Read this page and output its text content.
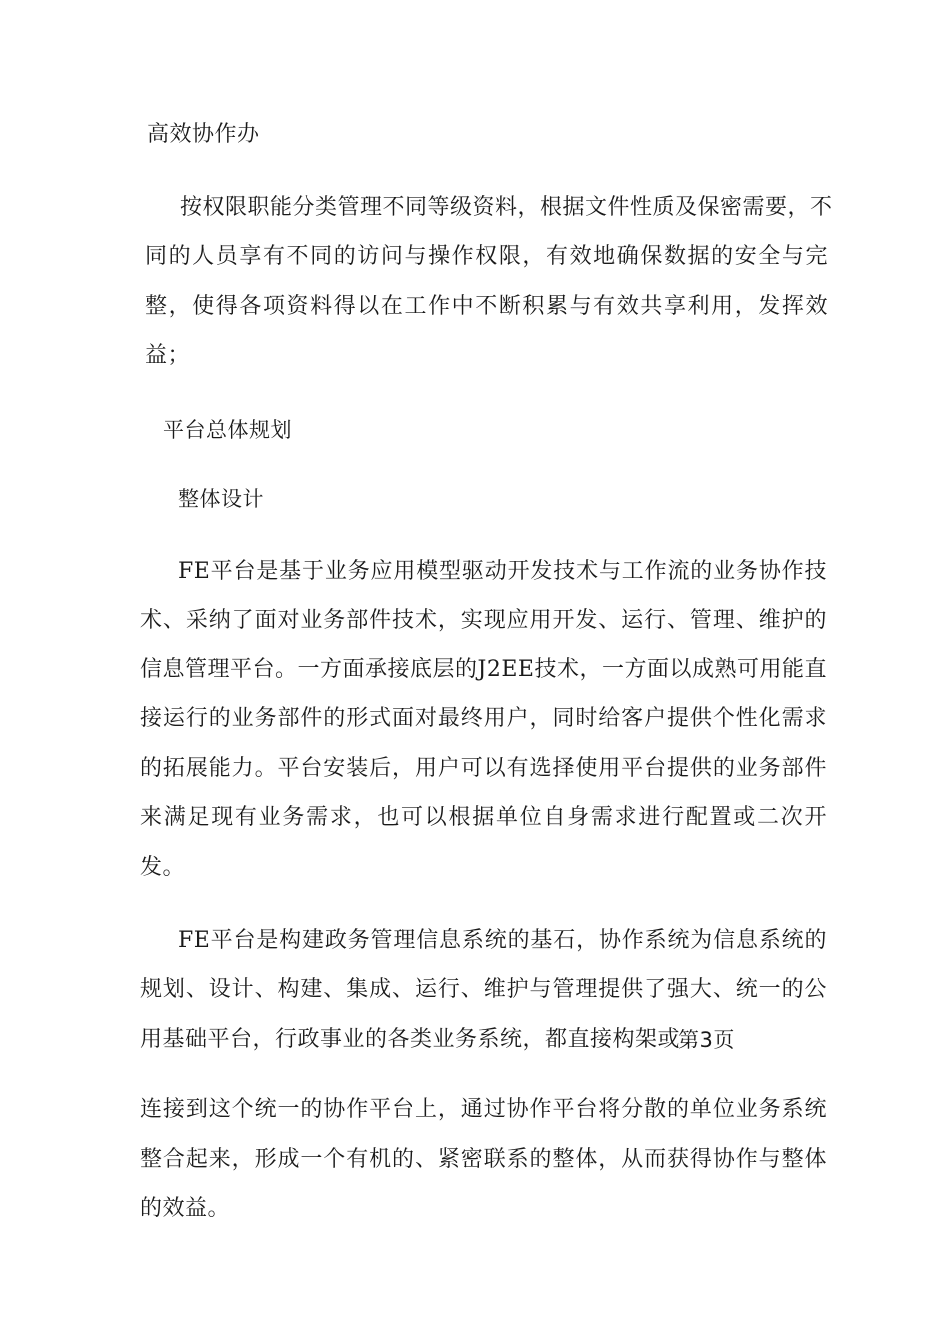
高效协作办
按权限职能分类管理不同等级资料，根据文件性质及保密需要，不
同的人员享有不同的访问与操作权限，有效地确保数据的安全与完
整，使得各项资料得以在工作中不断积累与有效共享利用，发挥效
益；
平台总体规划
整体设计
FE平台是基于业务应用模型驱动开发技术与工作流的业务协作技
术、采纳了面对业务部件技术，实现应用开发、运行、管理、维护的
信息管理平台。一方面承接底层的J2EE技术，一方面以成熟可用能直
接运行的业务部件的形式面对最终用户，同时给客户提供个性化需求
的拓展能力。平台安装后，用户可以有选择使用平台提供的业务部件
来满足现有业务需求，也可以根据单位自身需求进行配置或二次开
发。
FE平台是构建政务管理信息系统的基石，协作系统为信息系统的
规划、设计、构建、集成、运行、维护与管理提供了强大、统一的公
用基础平台，行政事业的各类业务系统，都直接构架或
第3页
连接到这个统一的协作平台上，通过协作平台将分散的单位业务系统
整合起来，形成一个有机的、紧密联系的整体，从而获得协作与整体
的效益。
